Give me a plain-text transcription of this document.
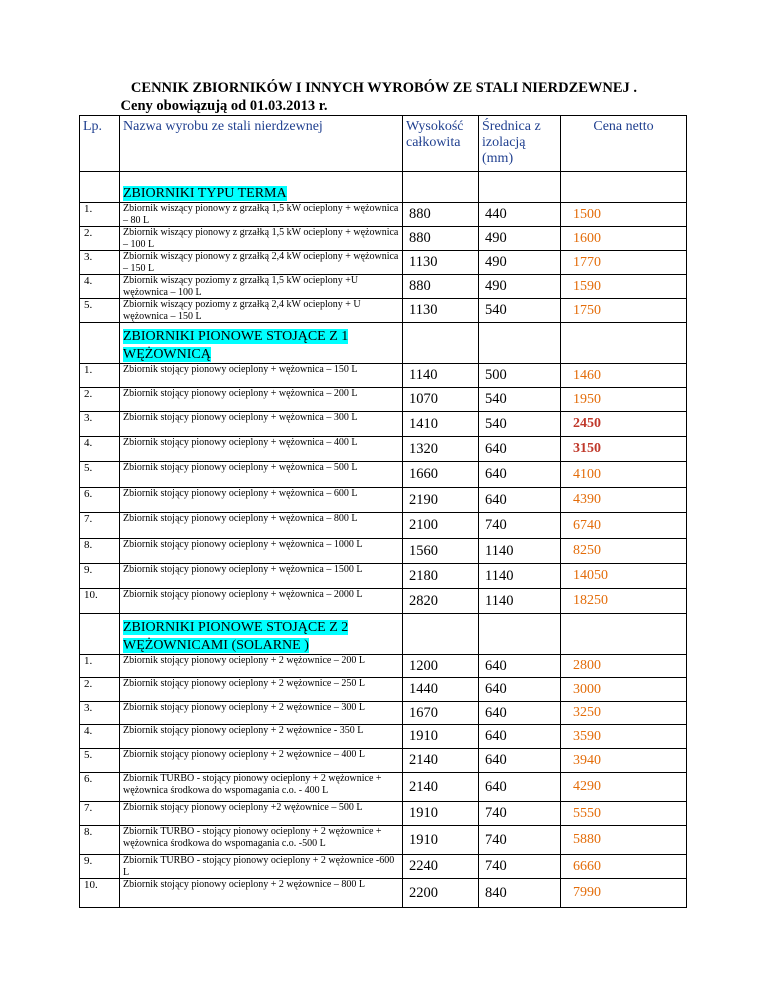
CENNIK ZBIORNIKÓW I INNYCH WYROBÓW ZE STALI NIERDZEWNEJ .
Ceny obowiązują od 01.03.2013 r.
Lp.	Nazwa wyrobu ze stali nierdzewnej	Wysokość całkowita	Średnica z izolacją (mm)	Cena netto
	ZBIORNIKI TYPU TERMA			
1.	Zbiornik wiszący pionowy z grzałką 1,5 kW ocieplony + wężownica – 80 L	880	440	1500
2.	Zbiornik wiszący pionowy z grzałką 1,5 kW ocieplony + wężownica – 100 L	880	490	1600
3.	Zbiornik wiszący pionowy z grzałką 2,4 kW ocieplony + wężownica – 150 L	1130	490	1770
4.	Zbiornik wiszący poziomy z grzałką 1,5 kW ocieplony +U wężownica – 100 L	880	490	1590
5.	Zbiornik wiszący poziomy z grzałką 2,4 kW ocieplony + U wężownica – 150 L	1130	540	1750
	ZBIORNIKI PIONOWE STOJĄCE Z 1 WĘŻOWNICĄ			
1.	Zbiornik stojący pionowy ocieplony + wężownica – 150 L	1140	500	1460
2.	Zbiornik stojący pionowy ocieplony + wężownica – 200 L	1070	540	1950
3.	Zbiornik stojący pionowy ocieplony + wężownica – 300 L	1410	540	2450
4.	Zbiornik stojący pionowy ocieplony + wężownica – 400 L	1320	640	3150
5.	Zbiornik stojący pionowy ocieplony + wężownica – 500 L	1660	640	4100
6.	Zbiornik stojący pionowy ocieplony + wężownica – 600 L	2190	640	4390
7.	Zbiornik stojący pionowy ocieplony + wężownica – 800 L	2100	740	6740
8.	Zbiornik stojący pionowy ocieplony + wężownica – 1000 L	1560	1140	8250
9.	Zbiornik stojący pionowy ocieplony + wężownica – 1500 L	2180	1140	14050
10.	Zbiornik stojący pionowy ocieplony + wężownica – 2000 L	2820	1140	18250
	ZBIORNIKI PIONOWE STOJĄCE Z 2 WĘŻOWNICAMI (SOLARNE )			
1.	Zbiornik stojący pionowy ocieplony + 2 wężownice – 200 L	1200	640	2800
2.	Zbiornik stojący pionowy ocieplony + 2 wężownice – 250 L	1440	640	3000
3.	Zbiornik stojący pionowy ocieplony + 2 wężownice – 300 L	1670	640	3250
4.	Zbiornik stojący pionowy ocieplony + 2 wężownice - 350 L	1910	640	3590
5.	Zbiornik stojący pionowy ocieplony + 2 wężownice – 400 L	2140	640	3940
6.	Zbiornik TURBO - stojący pionowy ocieplony + 2 wężownice + wężownica środkowa do wspomagania c.o. - 400 L	2140	640	4290
7.	Zbiornik stojący pionowy ocieplony +2 wężownice – 500 L	1910	740	5550
8.	Zbiornik TURBO - stojący pionowy ocieplony + 2 wężownice + wężownica środkowa do wspomagania c.o. -500 L	1910	740	5880
9.	Zbiornik TURBO - stojący pionowy ocieplony + 2 wężownice -600 L	2240	740	6660
10.	Zbiornik stojący pionowy ocieplony + 2 wężownice – 800 L	2200	840	7990
